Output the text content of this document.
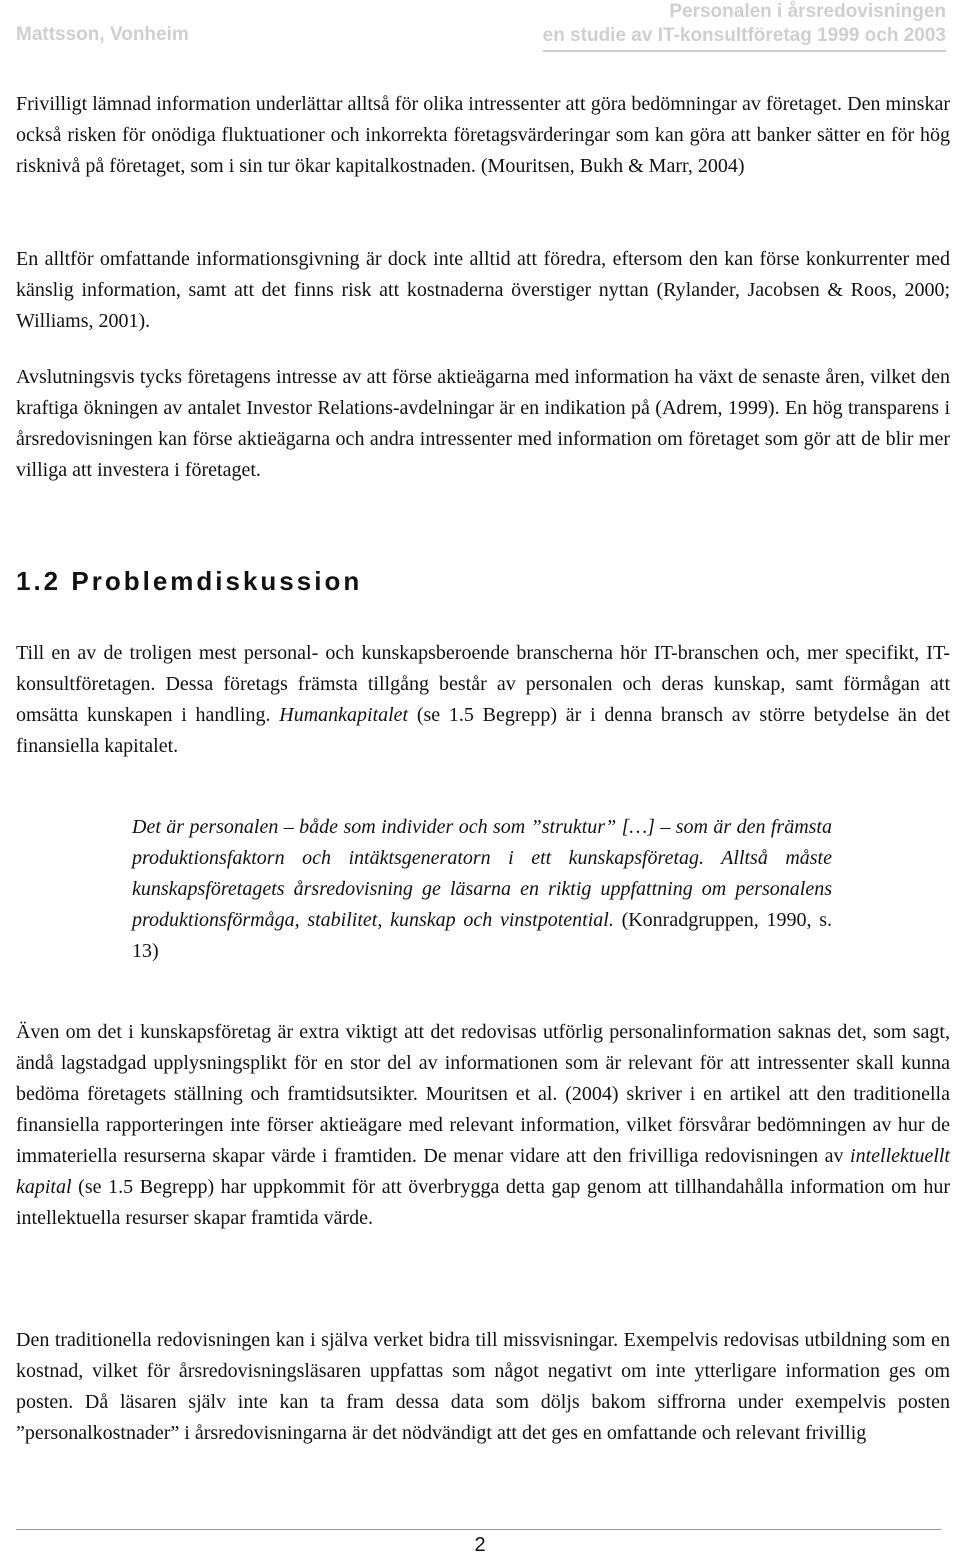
Mattsson, Vonheim
Personalen i årsredovisningen
en studie av IT-konsultföretag 1999 och 2003

Frivilligt lämnad information underlättar alltså för olika intressenter att göra bedömningar av företaget. Den minskar också risken för onödiga fluktuationer och inkorrekta företagsvärderingar som kan göra att banker sätter en för hög risknivå på företaget, som i sin tur ökar kapitalkostnaden. (Mouritsen, Bukh & Marr, 2004)

En alltför omfattande informationsgivning är dock inte alltid att föredra, eftersom den kan förse konkurrenter med känslig information, samt att det finns risk att kostnaderna överstiger nyttan (Rylander, Jacobsen & Roos, 2000; Williams, 2001).

Avslutningsvis tycks företagens intresse av att förse aktieägarna med information ha växt de senaste åren, vilket den kraftiga ökningen av antalet Investor Relations-avdelningar är en indikation på (Adrem, 1999). En hög transparens i årsredovisningen kan förse aktieägarna och andra intressenter med information om företaget som gör att de blir mer villiga att investera i företaget.

1.2 Problemdiskussion

Till en av de troligen mest personal- och kunskapsberoende branscherna hör IT-branschen och, mer specifikt, IT-konsultföretagen. Dessa företags främsta tillgång består av personalen och deras kunskap, samt förmågan att omsätta kunskapen i handling. Humankapitalet (se 1.5 Begrepp) är i denna bransch av större betydelse än det finansiella kapitalet.

Det är personalen – både som individer och som ”struktur” […] – som är den främsta produktionsfaktorn och intäktsgeneratorn i ett kunskapsföretag. Alltså måste kunskapsföretagets årsredovisning ge läsarna en riktig uppfattning om personalens produktionsförmåga, stabilitet, kunskap och vinstpotential. (Konradgruppen, 1990, s. 13)

Även om det i kunskapsföretag är extra viktigt att det redovisas utförlig personalinformation saknas det, som sagt, ändå lagstadgad upplysningsplikt för en stor del av informationen som är relevant för att intressenter skall kunna bedöma företagets ställning och framtidsutsikter. Mouritsen et al. (2004) skriver i en artikel att den traditionella finansiella rapporteringen inte förser aktieägare med relevant information, vilket försvårar bedömningen av hur de immateriella resurserna skapar värde i framtiden. De menar vidare att den frivilliga redovisningen av intellektuellt kapital (se 1.5 Begrepp) har uppkommit för att överbrygga detta gap genom att tillhandahålla information om hur intellektuella resurser skapar framtida värde.

Den traditionella redovisningen kan i själva verket bidra till missvisningar. Exempelvis redovisas utbildning som en kostnad, vilket för årsredovisningsläsaren uppfattas som något negativt om inte ytterligare information ges om posten. Då läsaren själv inte kan ta fram dessa data som döljs bakom siffrorna under exempelvis posten ”personalkostnader” i årsredovisningarna är det nödvändigt att det ges en omfattande och relevant frivillig

2
